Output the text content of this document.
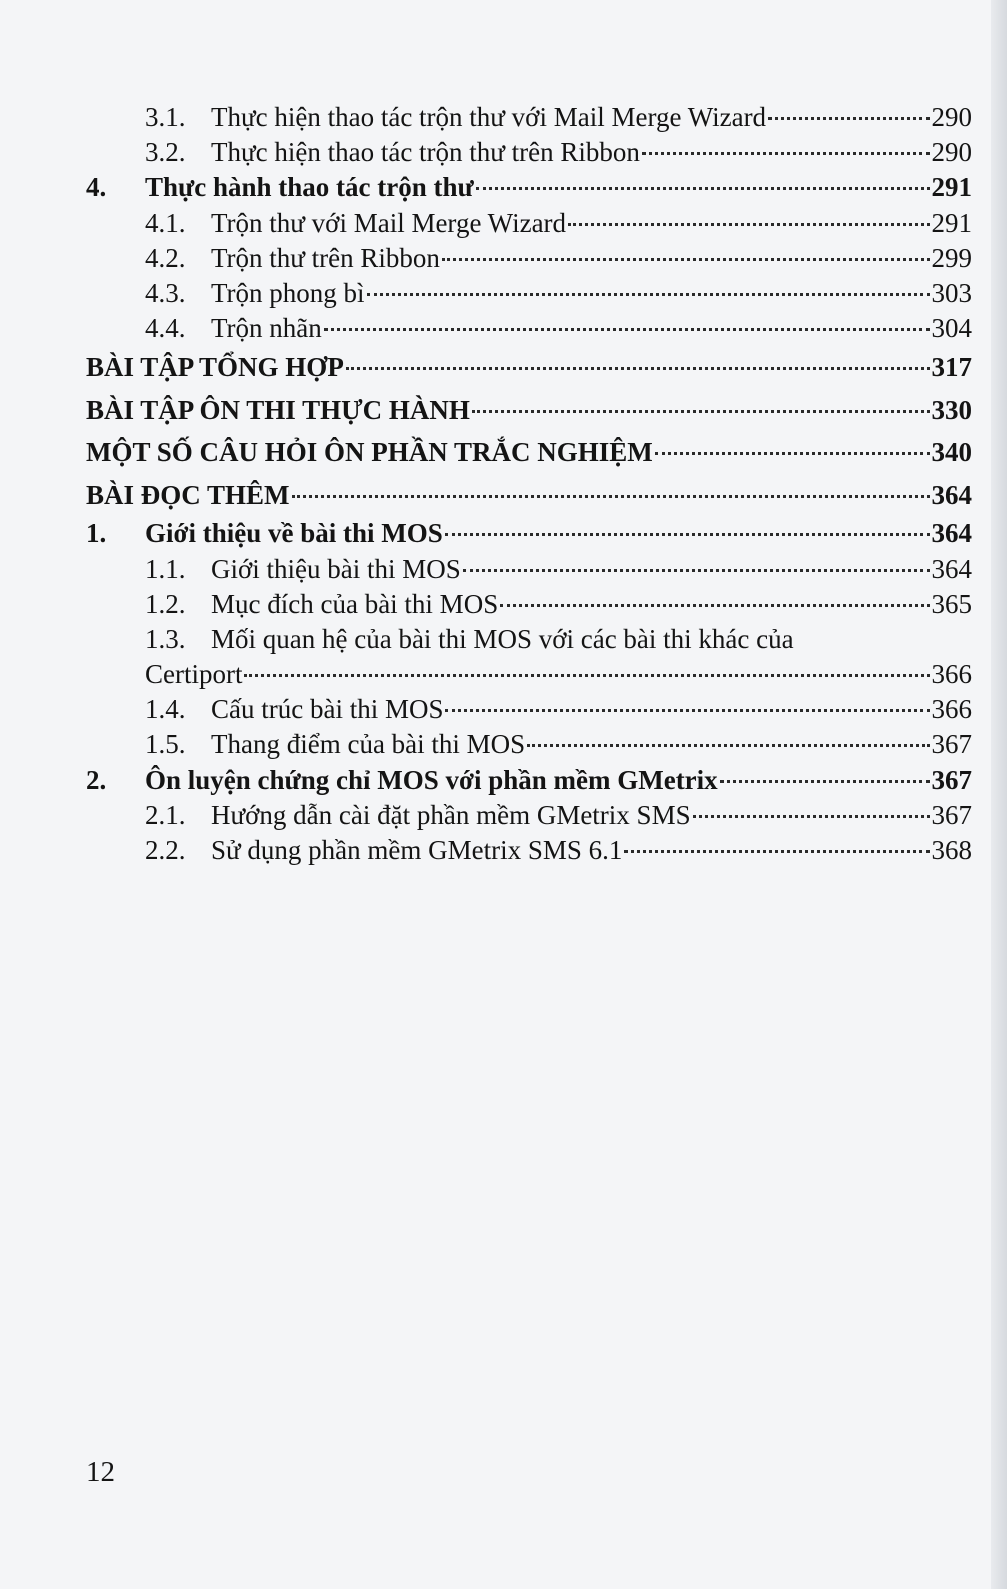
3.1. Thực hiện thao tác trộn thư với Mail Merge Wizard	290
3.2. Thực hiện thao tác trộn thư trên Ribbon	290
4.	Thực hành thao tác trộn thư	291
4.1. Trộn thư với Mail Merge Wizard	291
4.2. Trộn thư trên Ribbon	299
4.3. Trộn phong bì	303
4.4. Trộn nhãn	304
BÀI TẬP TỔNG HỢP	317
BÀI TẬP ÔN THI THỰC HÀNH	330
MỘT SỐ CÂU HỎI ÔN PHẦN TRẮC NGHIỆM	340
BÀI ĐỌC THÊM	364
1.	Giới thiệu về bài thi MOS	364
1.1. Giới thiệu bài thi MOS	364
1.2. Mục đích của bài thi MOS	365
1.3. Mối quan hệ của bài thi MOS với các bài thi khác của
Certiport	366
1.4. Cấu trúc bài thi MOS	366
1.5. Thang điểm của bài thi MOS	367
2.	Ôn luyện chứng chỉ MOS với phần mềm GMetrix	367
2.1. Hướng dẫn cài đặt phần mềm GMetrix SMS	367
2.2. Sử dụng phần mềm GMetrix SMS 6.1	368
12
